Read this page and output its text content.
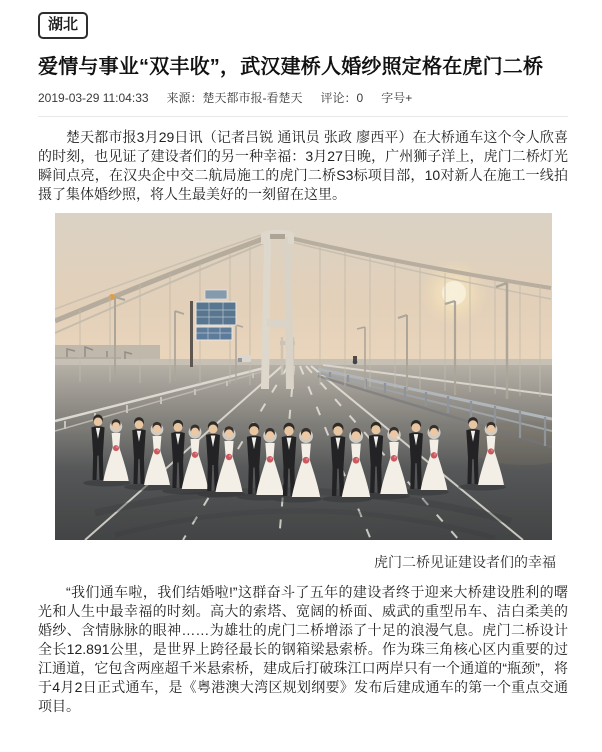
湖北
爱情与事业“双丰收”，武汉建桥人婚纱照定格在虎门二桥
2019-03-29 11:04:33 来源：楚天都市报-看楚天 评论：0 字号+

楚天都市报3月29日讯（记者吕锐 通讯员 张政 廖西平）在大桥通车这个令人欣喜的时刻，也见证了建设者们的另一种幸福：3月27日晚，广州狮子洋上，虎门二桥灯光瞬间点亮，在汉央企中交二航局施工的虎门二桥S3标项目部，10对新人在施工一线拍摄了集体婚纱照，将人生最美好的一刻留在这里。

虎门二桥见证建设者们的幸福

“我们通车啦，我们结婚啦!”这群奋斗了五年的建设者终于迎来大桥建设胜利的曙光和人生中最幸福的时刻。高大的索塔、宽阔的桥面、威武的重型吊车、洁白柔美的婚纱、含情脉脉的眼神……为雄壮的虎门二桥增添了十足的浪漫气息。虎门二桥设计全长12.891公里，是世界上跨径最长的钢箱梁悬索桥。作为珠三角核心区内重要的过江通道，它包含两座超千米悬索桥，建成后打破珠江口两岸只有一个通道的“瓶颈”，将于4月2日正式通车，是《粤港澳大湾区规划纲要》发布后建成通车的第一个重点交通项目。
